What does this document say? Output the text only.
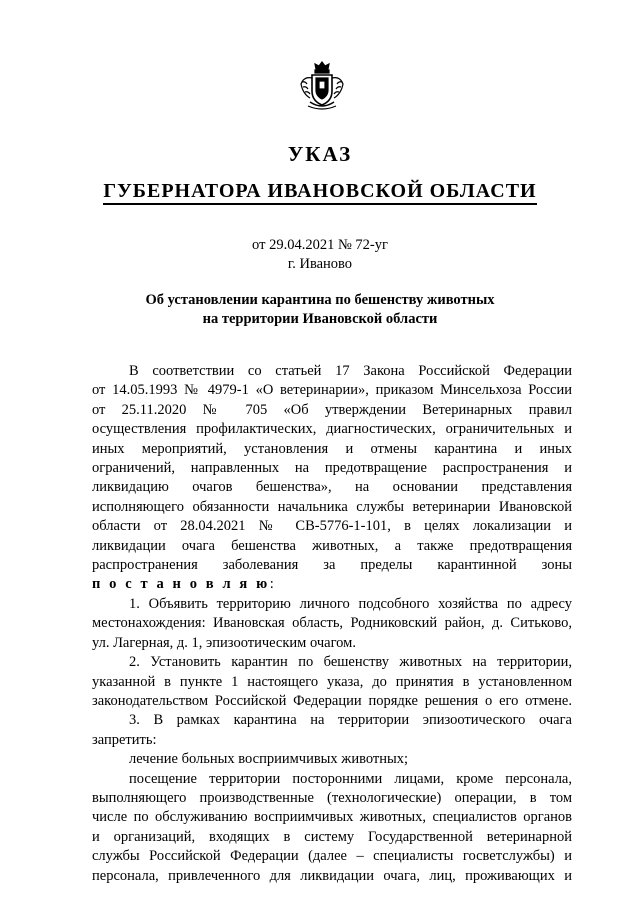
УКАЗ
ГУБЕРНАТОРА ИВАНОВСКОЙ ОБЛАСТИ
от 29.04.2021 № 72-уг
г. Иваново
Об установлении карантина по бешенству животных
на территории Ивановской области

В соответствии со статьей 17 Закона Российской Федерации

от 14.05.1993 № 4979-1 «О ветеринарии», приказом Минсельхоза России

от 25.11.2020 № 705 «Об утверждении Ветеринарных правил

осуществления профилактических, диагностических, ограничительных и

иных мероприятий, установления и отмены карантина и иных

ограничений, направленных на предотвращение распространения и

ликвидацию очагов бешенства», на основании представления

исполняющего обязанности начальника службы ветеринарии Ивановской

области от 28.04.2021 № СВ-5776-1-101, в целях локализации и

ликвидации очага бешенства животных, а также предотвращения

распространения заболевания за пределы карантинной зоны

п о с т а н о в л я ю:

1. Объявить территорию личного подсобного хозяйства по адресу

местонахождения: Ивановская область, Родниковский район, д. Ситьково,

ул. Лагерная, д. 1, эпизоотическим очагом.

2. Установить карантин по бешенству животных на территории,

указанной в пункте 1 настоящего указа, до принятия в установленном

законодательством Российской Федерации порядке решения о его отмене.

3. В рамках карантина на территории эпизоотического очага

запретить:

лечение больных восприимчивых животных;

посещение территории посторонними лицами, кроме персонала,

выполняющего производственные (технологические) операции, в том

числе по обслуживанию восприимчивых животных, специалистов органов

и организаций, входящих в систему Государственной ветеринарной

службы Российской Федерации (далее – специалисты госветслужбы) и

персонала, привлеченного для ликвидации очага, лиц, проживающих и
